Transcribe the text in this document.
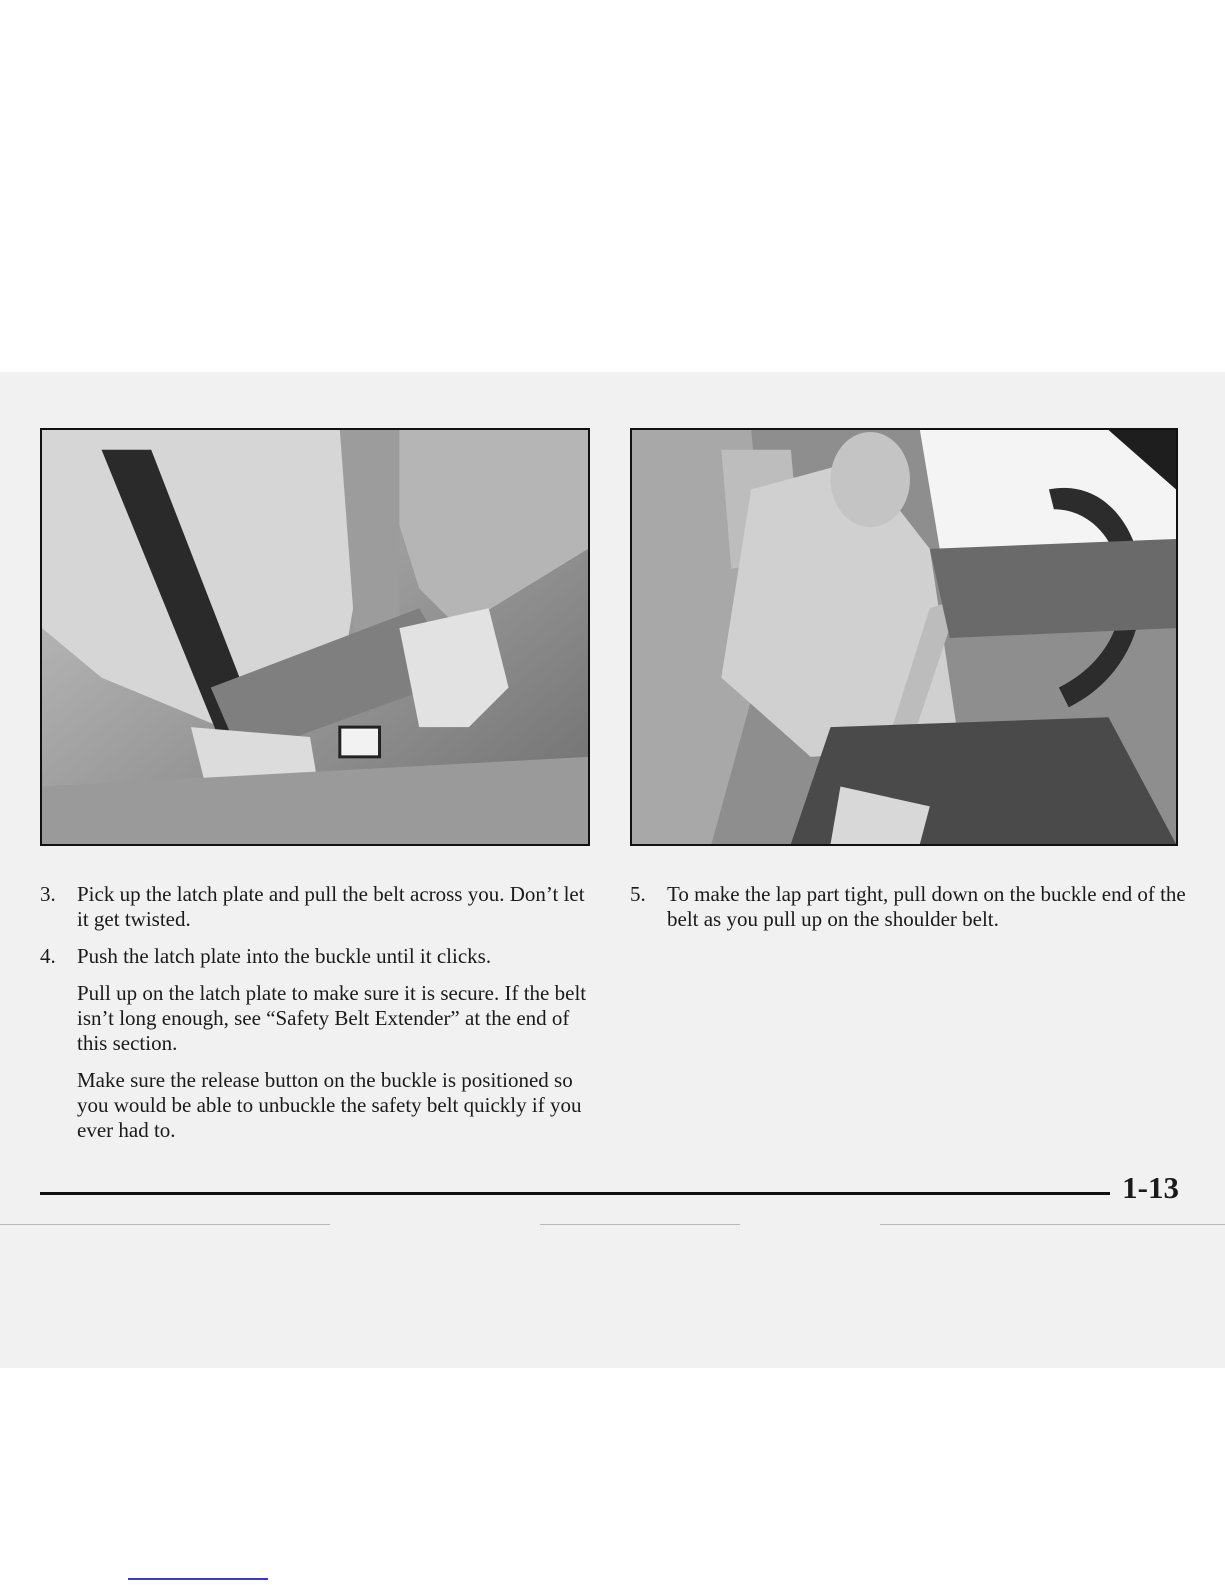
3. Pick up the latch plate and pull the belt across you. Don’t let it get twisted.
4. Push the latch plate into the buckle until it clicks.

Pull up on the latch plate to make sure it is secure. If the belt isn’t long enough, see “Safety Belt Extender” at the end of this section.

Make sure the release button on the buckle is positioned so you would be able to unbuckle the safety belt quickly if you ever had to.

5. To make the lap part tight, pull down on the buckle end of the belt as you pull up on the shoulder belt.
1-13
